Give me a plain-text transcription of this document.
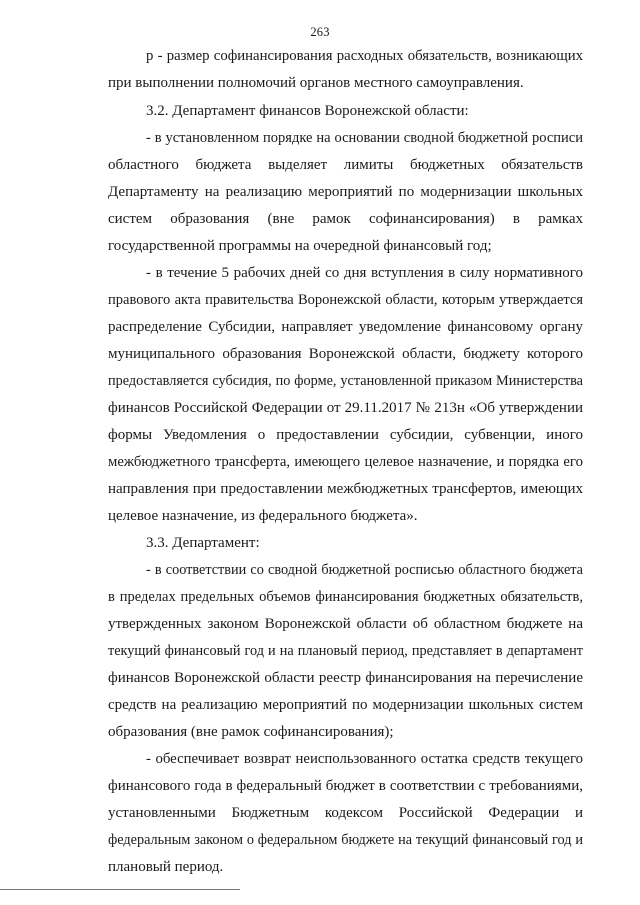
263
p - размер софинансирования расходных обязательств, возникающих
при выполнении полномочий органов местного самоуправления.
3.2. Департамент финансов Воронежской области:
- в установленном порядке на основании сводной бюджетной росписи
областного бюджета выделяет лимиты бюджетных обязательств
Департаменту на реализацию мероприятий по модернизации школьных
систем образования (вне рамок софинансирования) в рамках
государственной программы на очередной финансовый год;
- в течение 5 рабочих дней со дня вступления в силу нормативного
правового акта правительства Воронежской области, которым утверждается
распределение Субсидии, направляет уведомление финансовому органу
муниципального образования Воронежской области, бюджету которого
предоставляется субсидия, по форме, установленной приказом Министерства
финансов Российской Федерации от 29.11.2017 № 213н «Об утверждении
формы Уведомления о предоставлении субсидии, субвенции, иного
межбюджетного трансферта, имеющего целевое назначение, и порядка его
направления при предоставлении межбюджетных трансфертов, имеющих
целевое назначение, из федерального бюджета».
3.3. Департамент:
- в соответствии со сводной бюджетной росписью областного бюджета
в пределах предельных объемов финансирования бюджетных обязательств,
утвержденных законом Воронежской области об областном бюджете на
текущий финансовый год и на плановый период, представляет в департамент
финансов Воронежской области реестр финансирования на перечисление
средств на реализацию мероприятий по модернизации школьных систем
образования (вне рамок софинансирования);
- обеспечивает возврат неиспользованного остатка средств текущего
финансового года в федеральный бюджет в соответствии с требованиями,
установленными Бюджетным кодексом Российской Федерации и
федеральным законом о федеральном бюджете на текущий финансовый год и
плановый период.
